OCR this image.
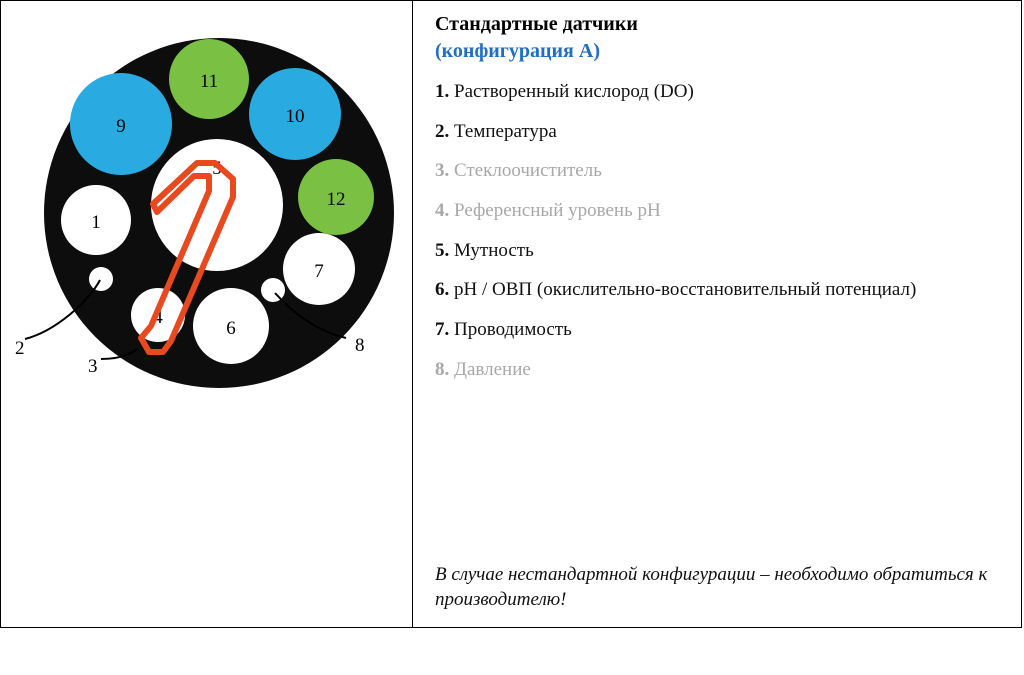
9
11
10
12
5
1
7
6
4
2
3
8
Стандартные датчики
(конфигурация A)

1. Растворенный кислород (DO)

2. Температура

3. Стеклоочиститель

4. Референсный уровень pH

5. Мутность

6. pH / ОВП (окислительно-восстановительный потенциал)

7. Проводимость

8. Давление

В случае нестандартной конфигурации – необходимо обратиться к производителю!
